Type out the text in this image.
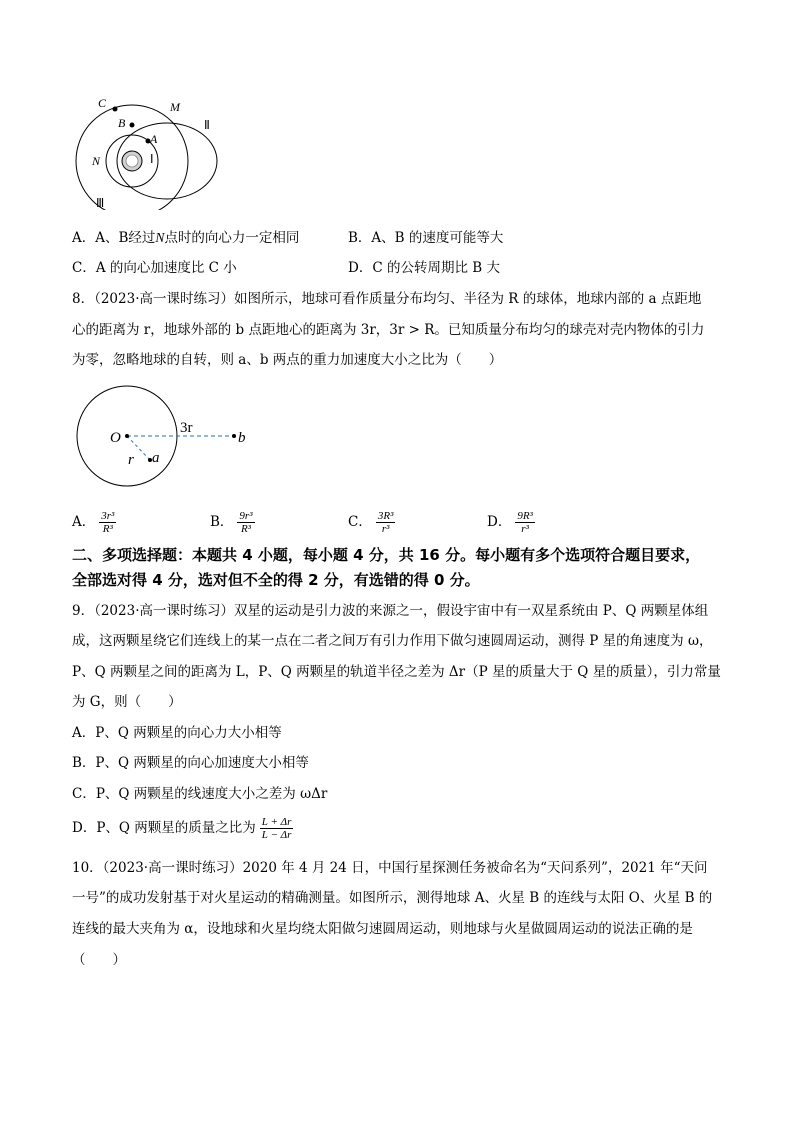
C
B
M
A
Ⅱ
N	Ⅰ
Ⅲ
A．A、B经过N点时的向心力一定相同	B．A、B 的速度可能等大
C．A 的向心加速度比 C 小	D．C 的公转周期比 B 大
8．（2023·高一课时练习）如图所示，地球可看作质量分布均匀、半径为 R 的球体，地球内部的 a 点距地
心的距离为 r，地球外部的 b 点距地心的距离为 3r，3r > R。已知质量分布均匀的球壳对壳内物体的引力
为零，忽略地球的自转，则 a、b 两点的重力加速度大小之比为（　　）
O
3r
b
r a
A． $\frac{\text{3r³}}{\text{R³}}$	B． $\frac{\text{9r³}}{\text{R³}}$	C． $\frac{\text{3R³}}{\text{r³}}$	D． $\frac{\text{9R³}}{\text{r³}}$
二、多项选择题：本题共 4 小题，每小题 4 分，共 16 分。每小题有多个选项符合题目要求，
全部选对得 4 分，选对但不全的得 2 分，有选错的得 0 分。
9．（2023·高一课时练习）双星的运动是引力波的来源之一，假设宇宙中有一双星系统由 P、Q 两颗星体组
成，这两颗星绕它们连线上的某一点在二者之间万有引力作用下做匀速圆周运动，测得 P 星的角速度为 ω，
P、Q 两颗星之间的距离为 L，P、Q 两颗星的轨道半径之差为 Δr（P 星的质量大于 Q 星的质量），引力常量
为 G，则（　　）
A．P、Q 两颗星的向心力大小相等
B．P、Q 两颗星的向心加速度大小相等
C．P、Q 两颗星的线速度大小之差为 ωΔr
D．P、Q 两颗星的质量之比为 $\frac{L + \Delta r}{L - \Delta r}$
10．（2023·高一课时练习）2020 年 4 月 24 日，中国行星探测任务被命名为“天问系列”，2021 年“天问
一号”的成功发射基于对火星运动的精确测量。如图所示，测得地球 A、火星 B 的连线与太阳 O、火星 B 的
连线的最大夹角为 α，设地球和火星均绕太阳做匀速圆周运动，则地球与火星做圆周运动的说法正确的是
（　　）
